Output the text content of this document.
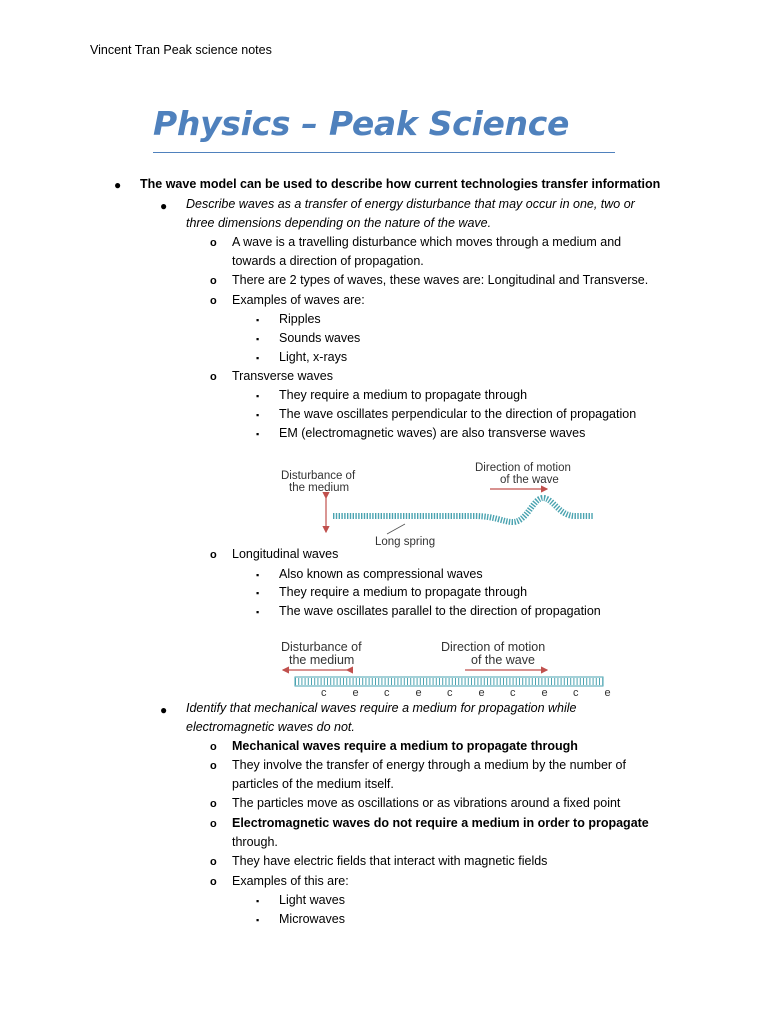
Vincent Tran Peak science notes
Physics – Peak Science
● The wave model can be used to describe how current technologies transfer information
● Describe waves as a transfer of energy disturbance that may occur in one, two or
three dimensions depending on the nature of the wave.
o A wave is a travelling disturbance which moves through a medium and
towards a direction of propagation.
o There are 2 types of waves, these waves are: Longitudinal and Transverse.
o Examples of waves are:
▪ Ripples
▪ Sounds waves
▪ Light, x-rays
o Transverse waves
▪ They require a medium to propagate through
▪ The wave oscillates perpendicular to the direction of propagation
▪ EM (electromagnetic waves) are also transverse waves
Disturbance of
the medium
Direction of motion
of the wave
Long spring
o Longitudinal waves
▪ Also known as compressional waves
▪ They require a medium to propagate through
▪ The wave oscillates parallel to the direction of propagation
Disturbance of
the medium
Direction of motion
of the wave
c e c e c e c e c e
● Identify that mechanical waves require a medium for propagation while
electromagnetic waves do not.
o Mechanical waves require a medium to propagate through
o They involve the transfer of energy through a medium by the number of
particles of the medium itself.
o The particles move as oscillations or as vibrations around a fixed point
o Electromagnetic waves do not require a medium in order to propagate
through.
o They have electric fields that interact with magnetic fields
o Examples of this are:
▪ Light waves
▪ Microwaves
